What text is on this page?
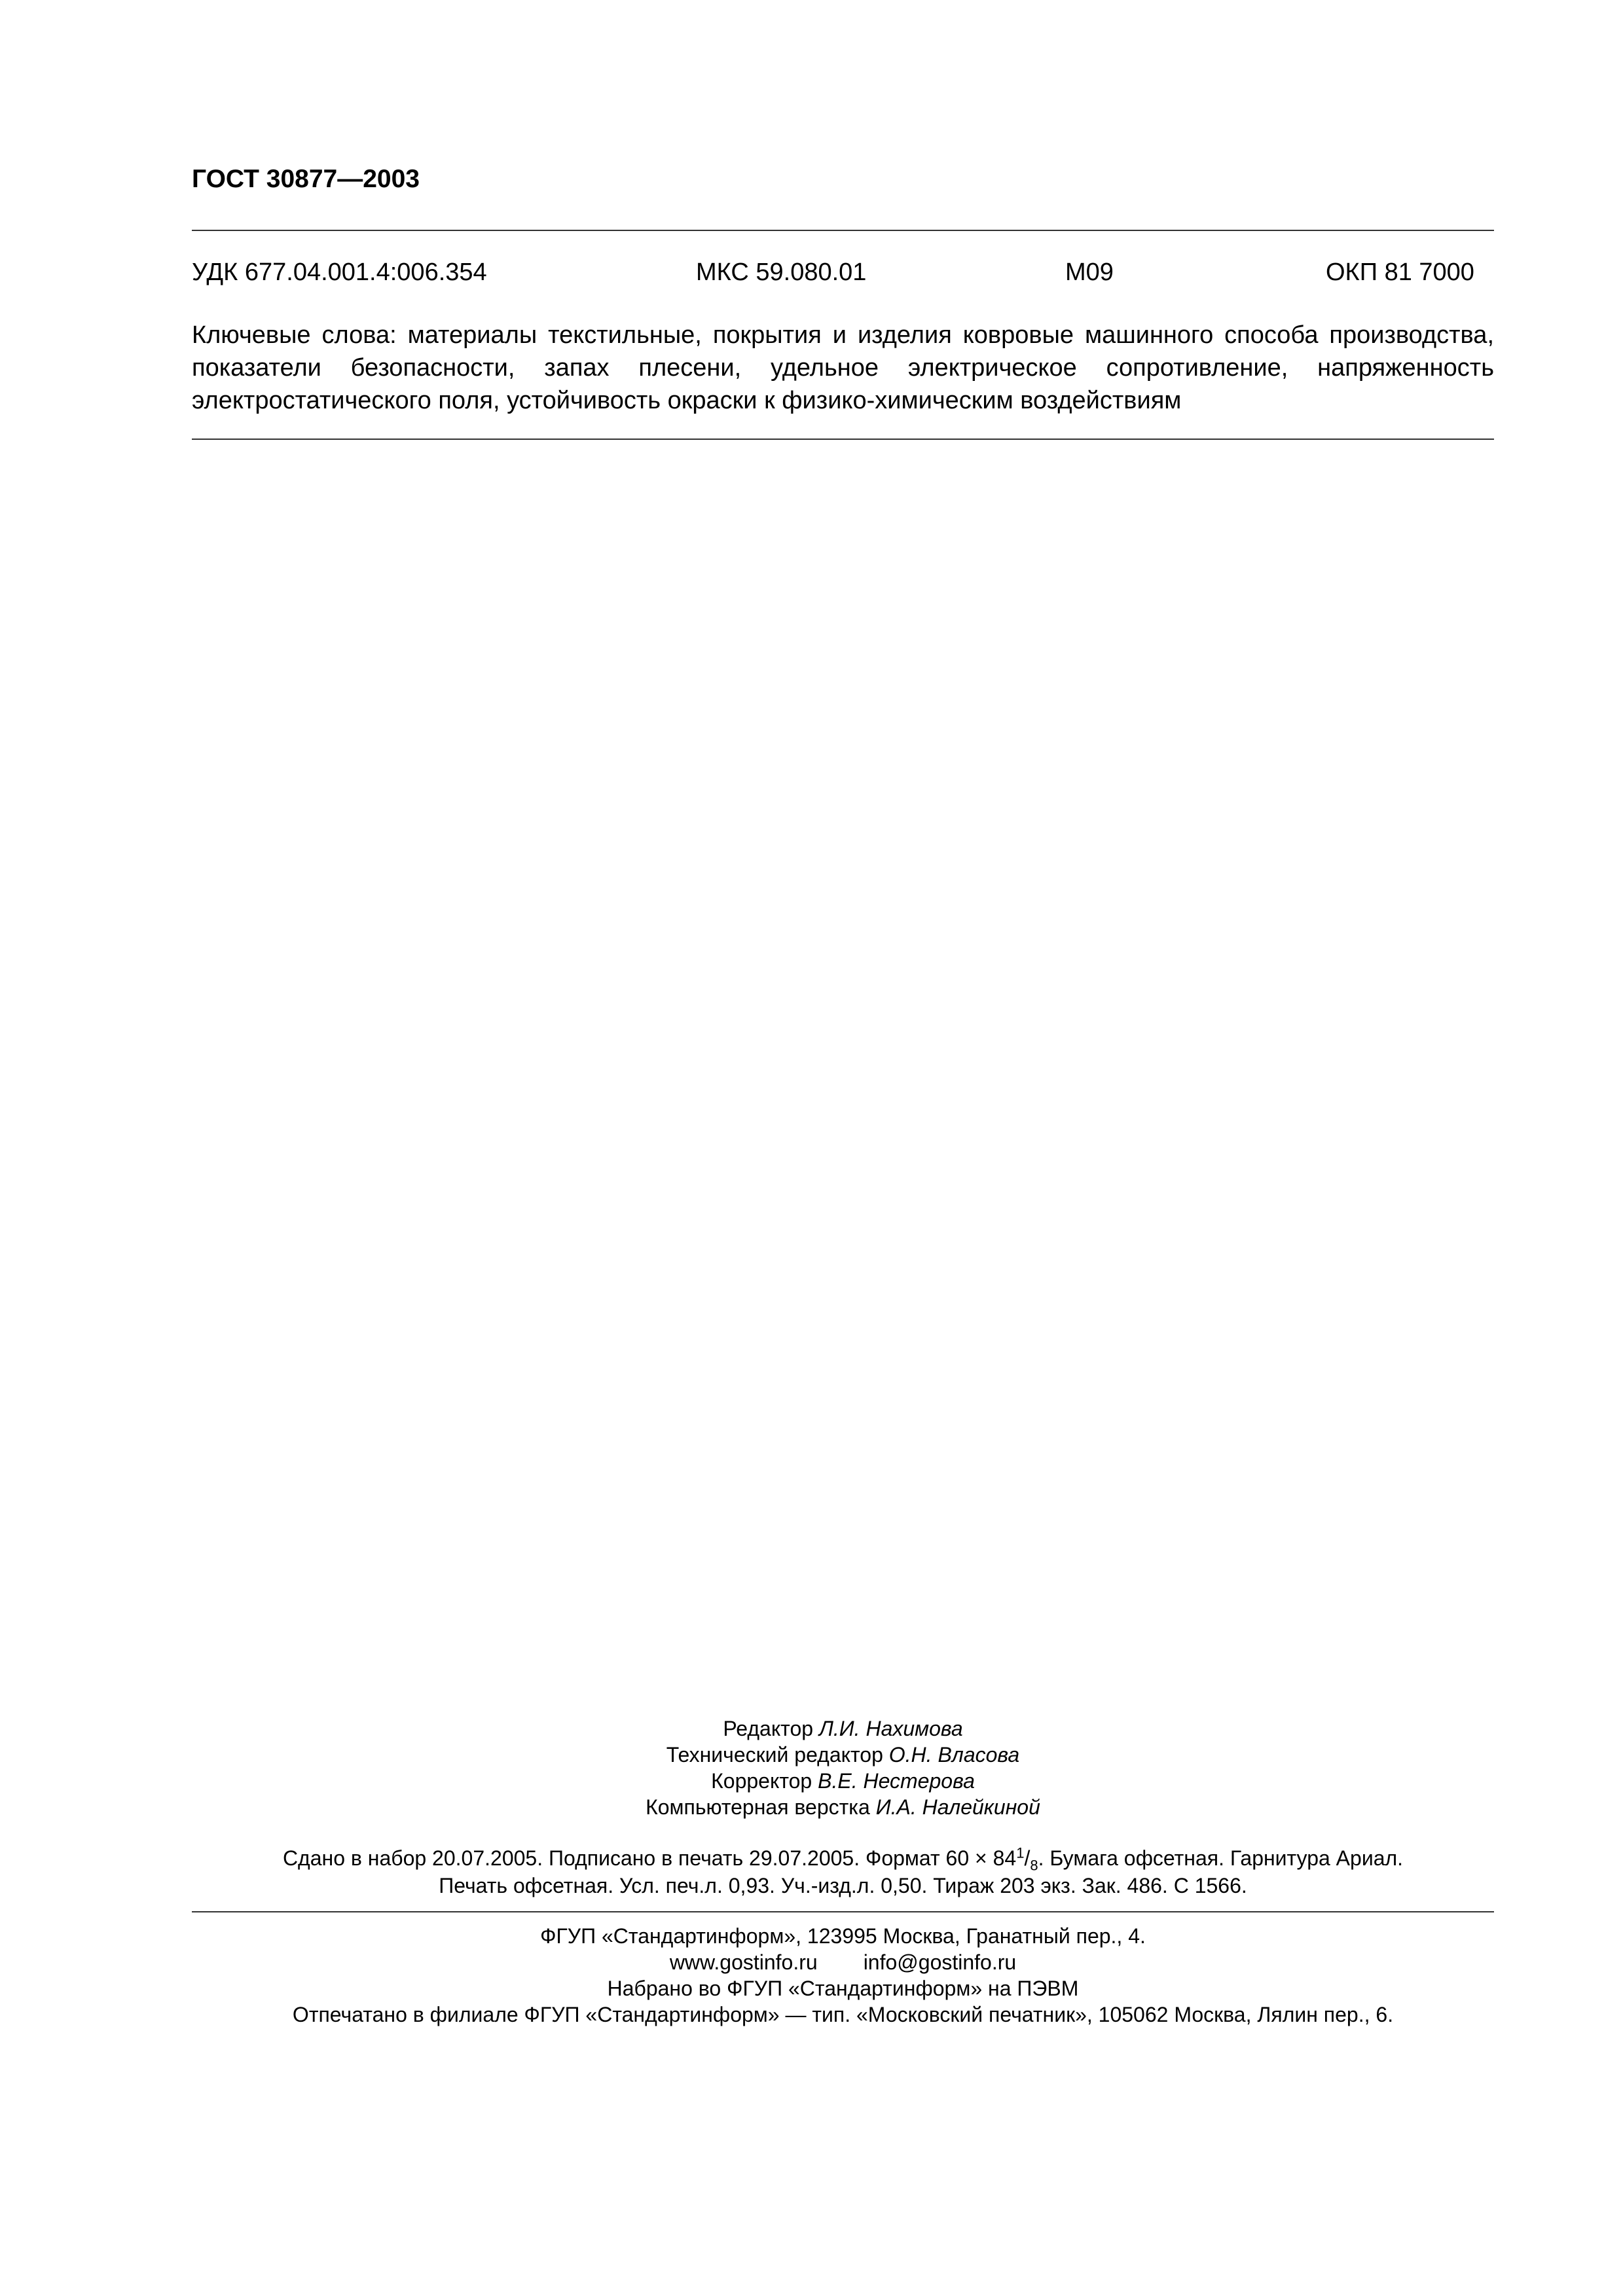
ГОСТ 30877—2003
УДК 677.04.001.4:006.354	МКС 59.080.01	М09	ОКП 81 7000
Ключевые слова: материалы текстильные, покрытия и изделия ковровые машинного способа производства, показатели безопасности, запах плесени, удельное электрическое сопротивление, напряженность электростатического поля, устойчивость окраски к физико-химическим воздействиям
Редактор Л.И. Нахимова
Технический редактор О.Н. Власова
Корректор В.Е. Нестерова
Компьютерная верстка И.А. Налейкиной
Сдано в набор 20.07.2005. Подписано в печать 29.07.2005. Формат $60 \times 84^1/_8$. Бумага офсетная. Гарнитура Ариал.
Печать офсетная. Усл. печ.л. 0,93. Уч.-изд.л. 0,50. Тираж 203 экз. Зак. 486. С 1566.
ФГУП «Стандартинформ», 123995 Москва, Гранатный пер., 4.
www.gostinfo.ru info@gostinfo.ru
Набрано во ФГУП «Стандартинформ» на ПЭВМ
Отпечатано в филиале ФГУП «Стандартинформ» — тип. «Московский печатник», 105062 Москва, Лялин пер., 6.
